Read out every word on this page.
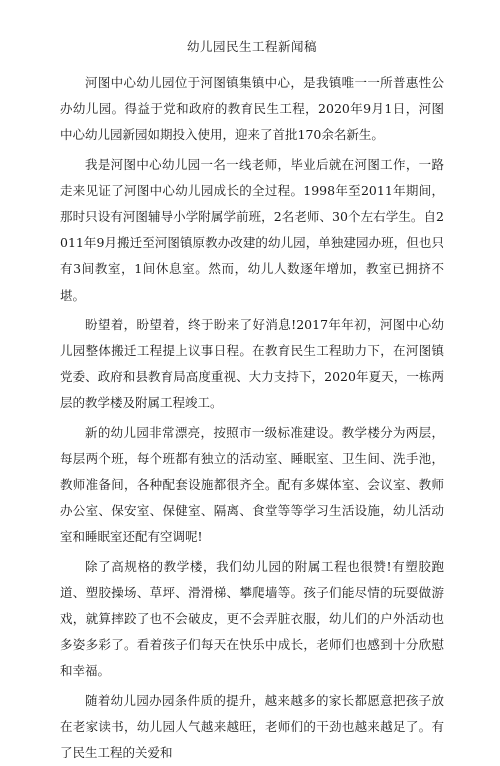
幼儿园民生工程新闻稿

河图中心幼儿园位于河图镇集镇中心，是我镇唯一一所普惠性公办幼儿园。得益于党和政府的教育民生工程，2020年9月1日，河图中心幼儿园新园如期投入使用，迎来了首批170余名新生。

我是河图中心幼儿园一名一线老师，毕业后就在河图工作，一路走来见证了河图中心幼儿园成长的全过程。1998年至2011年期间，那时只设有河图辅导小学附属学前班，2名老师、30个左右学生。自2011年9月搬迁至河图镇原教办改建的幼儿园，单独建园办班，但也只有3间教室，1间休息室。然而，幼儿人数逐年增加，教室已拥挤不堪。

盼望着，盼望着，终于盼来了好消息!2017年年初，河图中心幼儿园整体搬迁工程提上议事日程。在教育民生工程助力下，在河图镇党委、政府和县教育局高度重视、大力支持下，2020年夏天，一栋两层的教学楼及附属工程竣工。

新的幼儿园非常漂亮，按照市一级标准建设。教学楼分为两层，每层两个班，每个班都有独立的活动室、睡眠室、卫生间、洗手池，教师准备间，各种配套设施都很齐全。配有多媒体室、会议室、教师办公室、保安室、保健室、隔离、食堂等等学习生活设施，幼儿活动室和睡眠室还配有空调呢!

除了高规格的教学楼，我们幼儿园的附属工程也很赞!有塑胶跑道、塑胶操场、草坪、滑滑梯、攀爬墙等。孩子们能尽情的玩耍做游戏，就算摔跤了也不会破皮，更不会弄脏衣服，幼儿们的户外活动也多姿多彩了。看着孩子们每天在快乐中成长，老师们也感到十分欣慰和幸福。

随着幼儿园办园条件质的提升，越来越多的家长都愿意把孩子放在老家读书，幼儿园人气越来越旺，老师们的干劲也越来越足了。有了民生工程的关爱和
